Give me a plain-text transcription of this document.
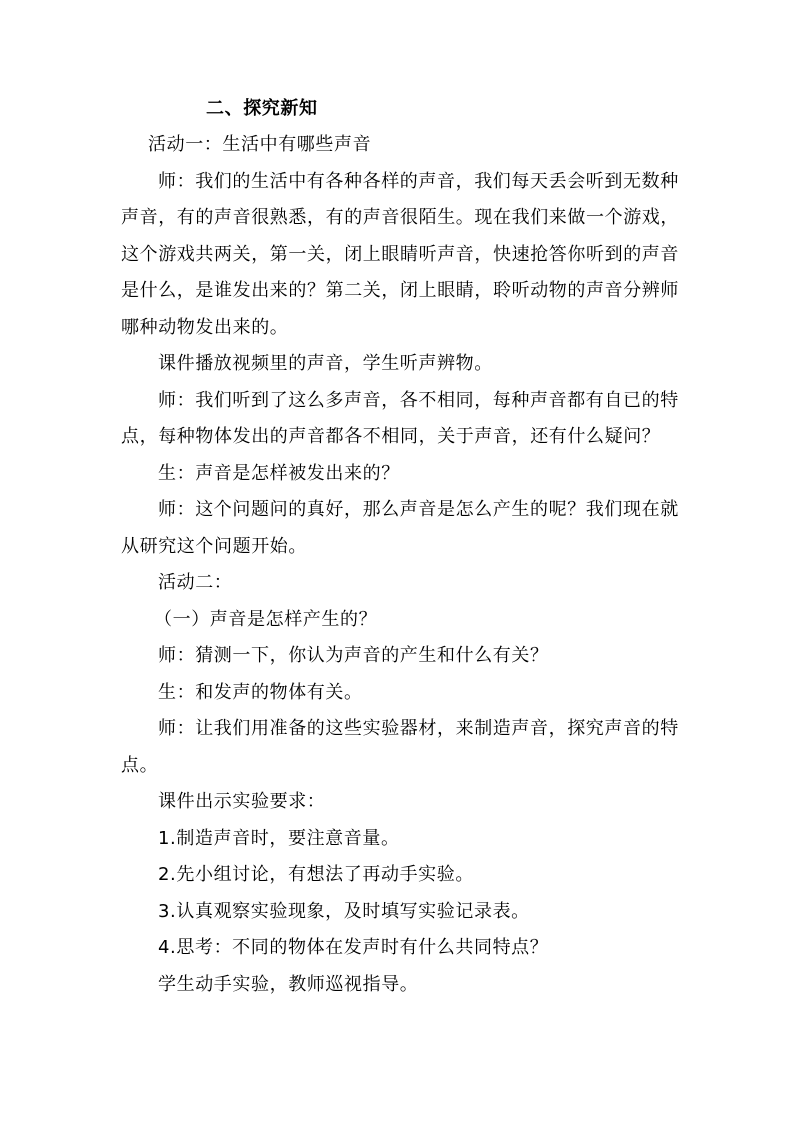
二、探究新知
活动一：生活中有哪些声音
师：我们的生活中有各种各样的声音，我们每天丢会听到无数种
声音，有的声音很熟悉，有的声音很陌生。现在我们来做一个游戏，
这个游戏共两关，第一关，闭上眼睛听声音，快速抢答你听到的声音
是什么，是谁发出来的？第二关，闭上眼睛，聆听动物的声音分辨师
哪种动物发出来的。
课件播放视频里的声音，学生听声辨物。
师：我们听到了这么多声音，各不相同，每种声音都有自已的特
点，每种物体发出的声音都各不相同，关于声音，还有什么疑问？
生：声音是怎样被发出来的？
师：这个问题问的真好，那么声音是怎么产生的呢？我们现在就
从研究这个问题开始。
活动二：
（一）声音是怎样产生的？
师：猜测一下，你认为声音的产生和什么有关？
生：和发声的物体有关。
师：让我们用准备的这些实验器材，来制造声音，探究声音的特
点。
课件出示实验要求：
1.制造声音时，要注意音量。
2.先小组讨论，有想法了再动手实验。
3.认真观察实验现象，及时填写实验记录表。
4.思考：不同的物体在发声时有什么共同特点？
学生动手实验，教师巡视指导。
